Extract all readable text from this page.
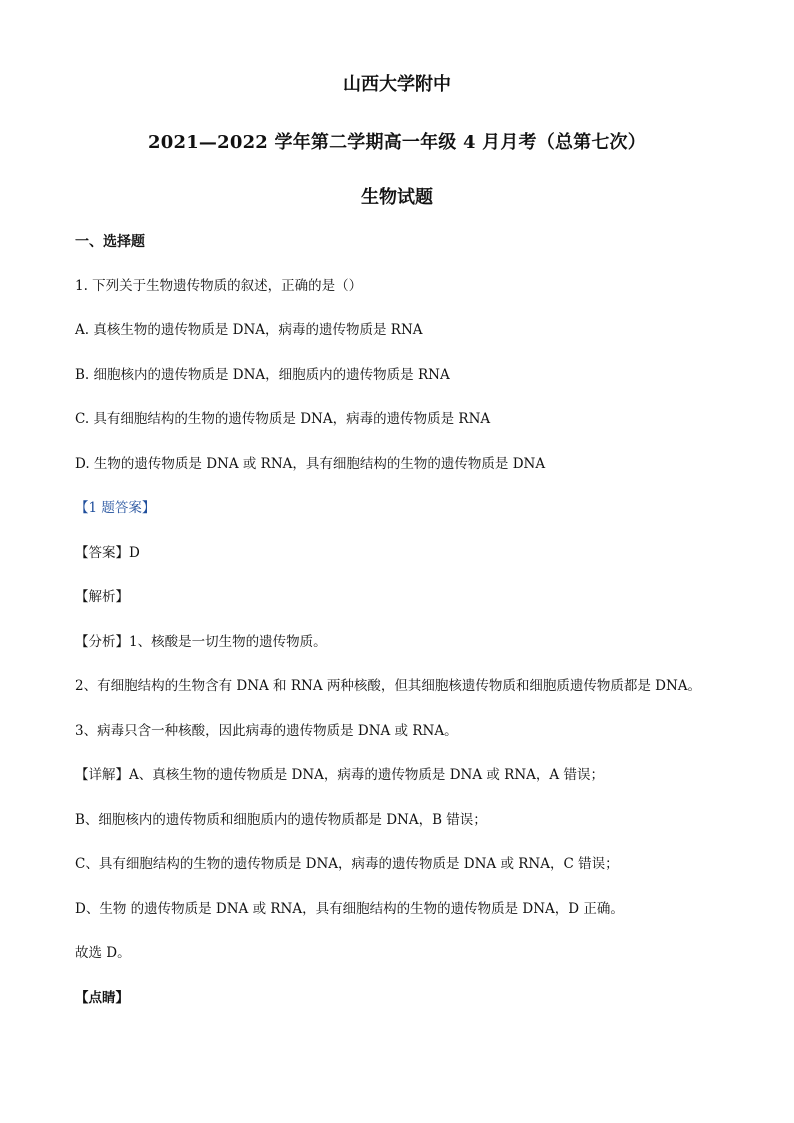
山西大学附中
2021—2022 学年第二学期高一年级 4 月月考（总第七次）
生物试题
一、选择题
1. 下列关于生物遗传物质的叙述，正确的是（）
A. 真核生物的遗传物质是 DNA，病毒的遗传物质是 RNA
B. 细胞核内的遗传物质是 DNA，细胞质内的遗传物质是 RNA
C. 具有细胞结构的生物的遗传物质是 DNA，病毒的遗传物质是 RNA
D. 生物的遗传物质是 DNA 或 RNA，具有细胞结构的生物的遗传物质是 DNA
【1 题答案】
【答案】D
【解析】
【分析】1、核酸是一切生物的遗传物质。
2、有细胞结构的生物含有 DNA 和 RNA 两种核酸，但其细胞核遗传物质和细胞质遗传物质都是 DNA。
3、病毒只含一种核酸，因此病毒的遗传物质是 DNA 或 RNA。
【详解】A、真核生物的遗传物质是 DNA，病毒的遗传物质是 DNA 或 RNA，A 错误；
B、细胞核内的遗传物质和细胞质内的遗传物质都是 DNA，B 错误；
C、具有细胞结构的生物的遗传物质是 DNA，病毒的遗传物质是 DNA 或 RNA，C 错误；
D、生物 的遗传物质是 DNA 或 RNA，具有细胞结构的生物的遗传物质是 DNA，D 正确。
故选 D。
【点睛】
